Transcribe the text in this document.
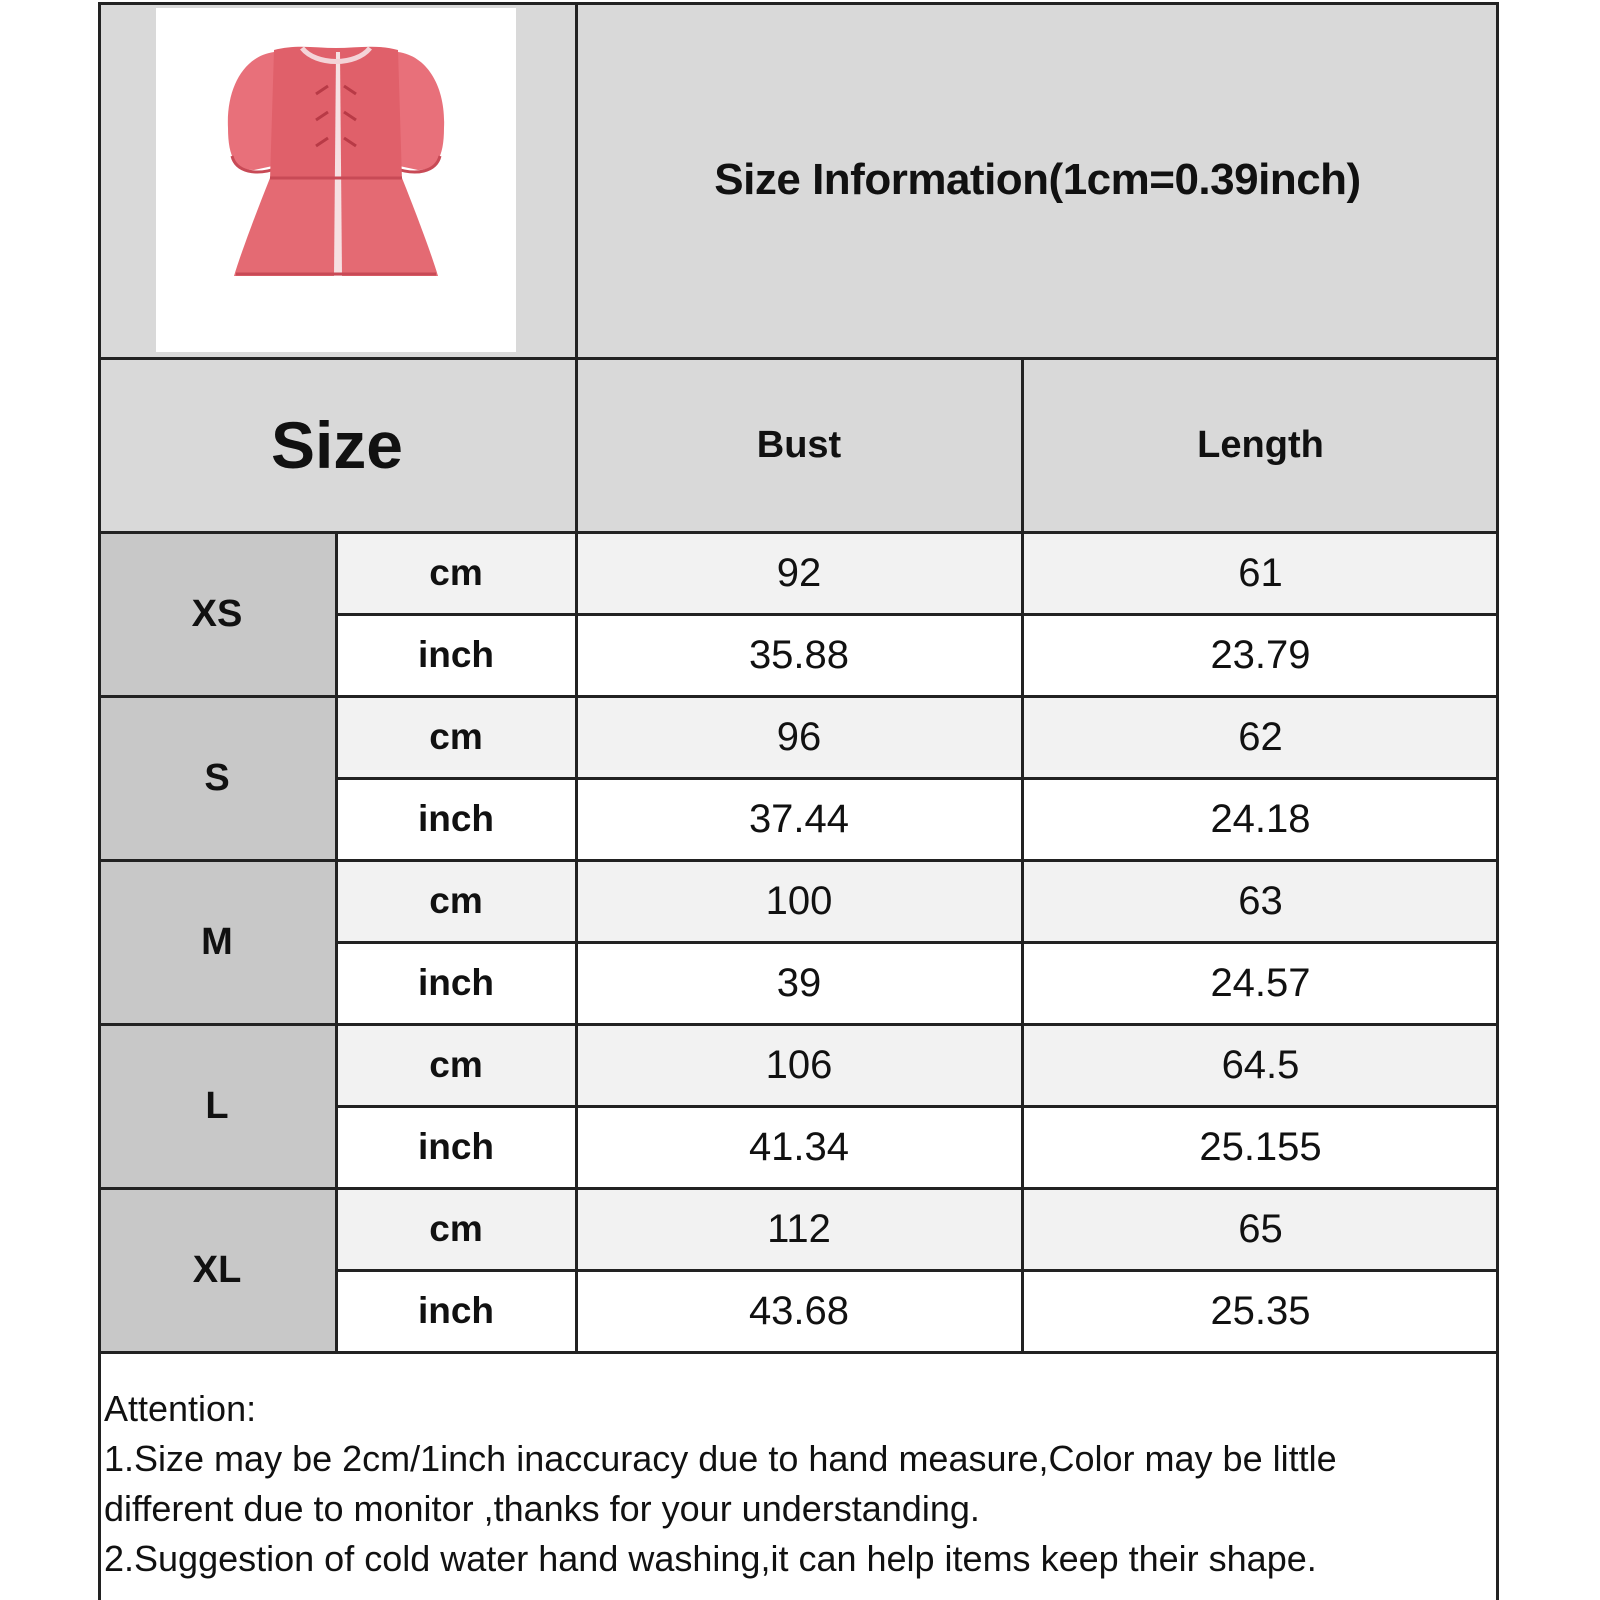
Size Information(1cm=0.39inch)
Size	Bust	Length
XS
cm	92	61
inch	35.88	23.79
S
cm	96	62
inch	37.44	24.18
M
cm	100	63
inch	39	24.57
L
cm	106	64.5
inch	41.34	25.155
XL
cm	112	65
inch	43.68	25.35
Attention:
1.Size may be 2cm/1inch inaccuracy due to hand measure,Color may be little
different due to monitor ,thanks for your understanding.
2.Suggestion of cold water hand washing,it can help items keep their shape.
